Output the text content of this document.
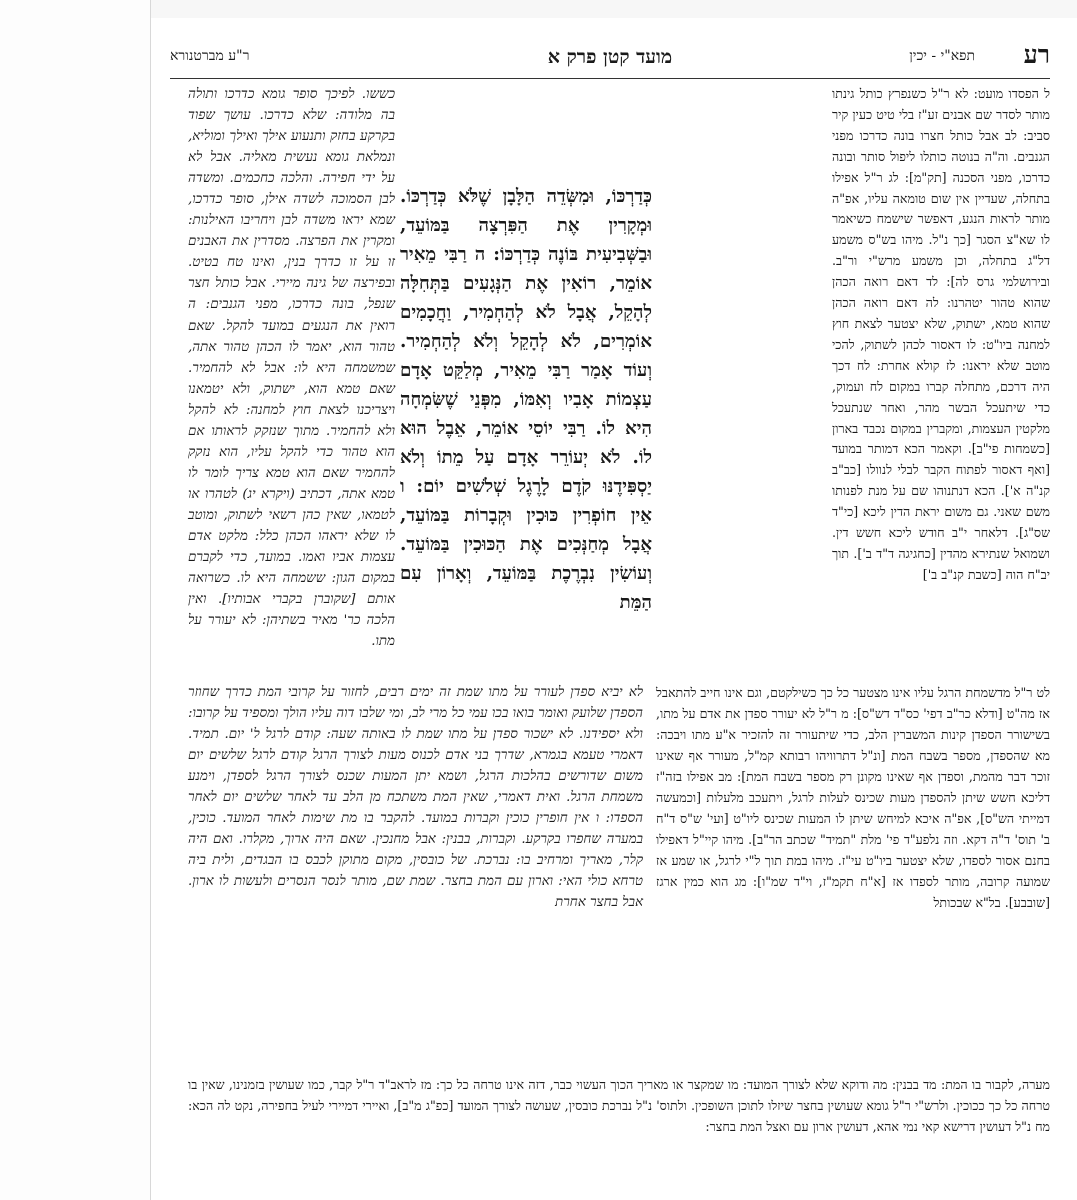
רע
תפא"י - יכין
מועד קטן פרק א
ר"ע מברטנורא

ל הפסדו מועט: לא ר"ל כשנפרץ כותל גינתו מותר לסדר שם אבנים זע"ז בלי טיט כעין קיר סביב: לב אבל כותל חצרו בונה כדרכו מפני הגנבים. וה"ה בנוטה כותלו ליפול סותר ובונה כדרכו, מפני הסכנה [תק"מ]: לג ר"ל אפילו בתחלה, שעדיין אין שום טומאה עליו, אפ"ה מותר לראות הנגע, דאפשר שישמח כשיאמר לו שא"צ הסגר [כך נ"ל. מיהו בש"ס משמע דל"ג בתחלה, וכן משמע מרש"י ור"ב. ובירושלמי גרס לה]: לד דאם רואה הכהן שהוא טהור יטהרנו: לה דאם רואה הכהן שהוא טמא, ישתוק, שלא יצטער לצאת חוץ למחנה ביו"ט: לו דאסור לכהן לשתוק, להכי מוטב שלא יראנו: לז קולא אחרת: לח דכך היה דרכם, מתחלה קברו במקום לח ועמוק, כדי שיתעכל הבשר מהר, ואחר שנתעכל מלקטין העצמות, ומקברין במקום נכבד בארון [כשמחות פי"ב]. וקאמר הכא דמותר במועד [ואף דאסור לפתוח הקבר לבלי לנוולו [כב"ב קנ"ה א']. הכא דנתנוהו שם על מנת לפנותו משם שאני. גם משום יראת הדין ליכא [כי"ד שס"ג]. דלאחר י"ב חודש ליכא חשש דין. ושמואל שנתירא מהדין [כחגיגה ד"ד ב']. תוך יב"ח הוה [כשבת קנ"ב ב']

כְּדַרְכּוֹ, וּמִשְּׂדֵה הַלָּבָן שֶׁלֹּא כְּדַרְכּוֹ. וּמְקָרִין אֶת הַפִּרְצָה בַּמּוֹעֵד, וּבַשְּׁבִיעִית בּוֹנֶה כְּדַרְכּוֹ: ה רַבִּי מֵאִיר אוֹמֵר, רוֹאִין אֶת הַנְּגָעִים בַּתְּחִלָּה לְהָקֵל, אֲבָל לֹא לְהַחְמִיר, וַחֲכָמִים אוֹמְרִים, לֹא לְהָקֵל וְלֹא לְהַחְמִיר. וְעוֹד אָמַר רַבִּי מֵאִיר, מְלַקֵּט אָדָם עַצְמוֹת אָבִיו וְאִמּוֹ, מִפְּנֵי שֶׁשִּׂמְחָה הִיא לוֹ. רַבִּי יוֹסֵי אוֹמֵר, אֵבֶל הוּא לוֹ. לֹא יְעוֹרֵר אָדָם עַל מֵתוֹ וְלֹא יַסְפִּידֶנּוּ קֹדֶם לָרֶגֶל שְׁלֹשִׁים יוֹם: ו אֵין חוֹפְרִין כּוּכִין וּקְבָרוֹת בַּמּוֹעֵד, אֲבָל מְחַנְּכִים אֶת הַכּוּכִין בַּמּוֹעֵד. וְעוֹשִׂין נִבְרֶכֶת בַּמּוֹעֵד, וְאָרוֹן עִם הַמֵּת

כששו. לפיכך סופר גומא כדרכו ותולה בה מלודה: שלא כדרכו. עושך שפוד בקרקע בחזק ותנעוע אילך ואילך ומוליא, ונמלאת גומא נעשית מאליה. אבל לא על ידי חפירה. והלכה כחכמים. ומשדה לבן הסמוכה לשדה אילן, סופר כדרכו, שמא יראו משדה לבן ויחריבו האילנות: ומקרין את הפרצה. מסדרין את האבנים זו על זו כדרך בנין, ואינו טח בטיט. ובפירצה של גינה מיירי. אבל כותל חצר שנפל, בונה כדרכו, מפני הגנבים: ה רואין את הנגעים במועד להקל. שאם טהור הוא, יאמר לו הכהן טהור אתה, שמשמחה היא לו: אבל לא להחמיר. שאם טמא הוא, ישתוק, ולא יטמאנו ויצריכנו לצאת חוץ למחנה: לא להקל ולא להחמיר. מתוך שנזקק לראותו אם הוא טהור כדי להקל עליו, הוא נזקק להחמיר שאם הוא טמא צריך לומר לו טמא אתה, דכתיב (ויקרא יג) לטהרו או לטמאו, שאין כהן רשאי לשתוק, ומוטב לו שלא יראהו הכהן כלל: מלקט אדם עצמות אביו ואמו. במועד, כדי לקברם במקום הגון: ששמחה היא לו. כשרואה אותם [שקוברן בקברי אבותיו]. ואין הלכה כר' מאיר בשתיהן: לא יעורר על מתו.

לא יביא ספדן לעורר על מתו שמת זה ימים רבים, לחזור על קרובי המת כדרך שחוזר הספדן שלועק ואומר בואו בכו עמי כל מרי לב, ומי שלבו דוה עליו הולך ומספיד על קרובו: ולא יספידנו. לא ישכור ספדן על מתו שמת לו באותה שעה: קודם לרגל ל' יום. תמיד. דאמרי טעמא בגמרא, שדרך בני אדם לכנוס מעות לצורך הרגל קודם לרגל שלשים יום משום שדורשים בהלכות הרגל, ושמא יתן המעות שכנס לצורך הרגל לספדן, וימנע משמחת הרגל. ואית דאמרי, שאין המת משתכח מן הלב עד לאחר שלשים יום לאחר הספדו: ו אין חופרין כוכין וקברות במועד. להקבר בו מת שימות לאחר המועד. כוכין, במערה שחפרו בקרקע. וקברות, בבנין: אבל מחנכין. שאם היה ארוך, מקלרו. ואם היה קלר, מאריך ומרחיב בו: נברכת. של כובסין, מקום מתוקן לכבס בו הבגדים, ולית ביה טרחא כולי האי: וארון עם המת בחצר. שמת שם, מותר לנסר הנסרים ולעשות לו ארון. אבל בחצר אחרת

לט ר"ל מדשמחת הרגל עליו אינו מצטער כל כך כשילקטם, וגם אינו חייב להתאבל אז מה"ט [ודלא כר"ב דפי' כס"ד דש"ס]: מ ר"ל לא יעורר ספדן את אדם על מתו, בשישורר הספדן קינות המשברין הלב, כדי שיתעורר זה להזכיר א"ע מתו ויבכה: מא שהספדן, מספר בשבח המת [ונ"ל דתרוויהו רבותא קמ"ל, מעורר אף שאינו זוכר דבר מהמת, וספדן אף שאינו מקונן רק מספר בשבח המת]: מב אפילו בזה"ז דליכא חשש שיתן להספדן מעות שכינס לעלות לרגל, ויתעכב מלעלות [וכמעשה דמייתי הש"ס], אפ"ה איכא למיחש שיתן לו המעות שכינס ליו"ט [ועי' ש"ס ד"ח ב' תוס' ד"ה דקא. וזה נלפע"ד פי' מלת "תמיד" שכתב הר"ב]. מיהו קיי"ל דאפילו בחנם אסור לספדו, שלא יצטער ביו"ט עי"ז. מיהו במת תוך ל"י לרגל, או שמע אז שמועה קרובה, מותר לספדו אז [א"ח תקמ"ז, וי"ד שמ"ו]: מג הוא כמין ארגז [שובבע]. בל"א שבכותל

מערה, לקבור בו המת: מד בבנין: מה ודוקא שלא לצורך המועד: מו שמקצר או מאריך הכוך העשוי כבר, דזה אינו טרחה כל כך: מז לראב"ד ר"ל קבר, כמו שעושין בזמנינו, שאין בו טרחה כל כך ככוכין. ולרש"י ר"ל גומא שעושין בחצר שיזלו לתוכן השופכין. ולתוס' נ"ל נברכת כובסין, שעושה לצורך המועד [כפ"ג מ"ב], ואיירי דמיירי לעיל בחפירה, נקט לה הכא: מח נ"ל דעושין דרישא קאי נמי אהא, דעושין ארון עם ואצל המת בחצר:
